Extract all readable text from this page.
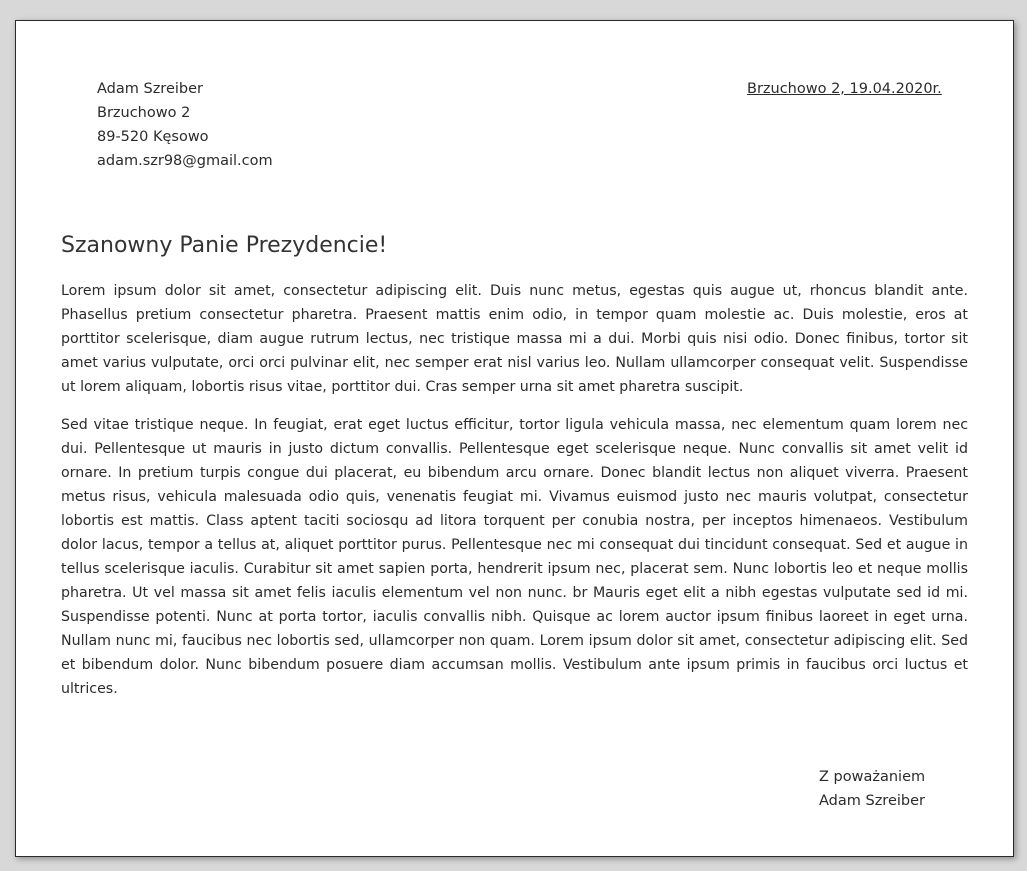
Adam Szreiber
Brzuchowo 2
89-520 Kęsowo
adam.szr98@gmail.com
Brzuchowo 2, 19.04.2020r.
Szanowny Panie Prezydencie!

Lorem ipsum dolor sit amet, consectetur adipiscing elit. Duis nunc metus, egestas quis augue ut, rhoncus blandit ante. Phasellus pretium consectetur pharetra. Praesent mattis enim odio, in tempor quam molestie ac. Duis molestie, eros at porttitor scelerisque, diam augue rutrum lectus, nec tristique massa mi a dui. Morbi quis nisi odio. Donec finibus, tortor sit amet varius vulputate, orci orci pulvinar elit, nec semper erat nisl varius leo. Nullam ullamcorper consequat velit. Suspendisse ut lorem aliquam, lobortis risus vitae, porttitor dui. Cras semper urna sit amet pharetra suscipit.

Sed vitae tristique neque. In feugiat, erat eget luctus efficitur, tortor ligula vehicula massa, nec elementum quam lorem nec dui. Pellentesque ut mauris in justo dictum convallis. Pellentesque eget scelerisque neque. Nunc convallis sit amet velit id ornare. In pretium turpis congue dui placerat, eu bibendum arcu ornare. Donec blandit lectus non aliquet viverra. Praesent metus risus, vehicula malesuada odio quis, venenatis feugiat mi. Vivamus euismod justo nec mauris volutpat, consectetur lobortis est mattis. Class aptent taciti sociosqu ad litora torquent per conubia nostra, per inceptos himenaeos. Vestibulum dolor lacus, tempor a tellus at, aliquet porttitor purus. Pellentesque nec mi consequat dui tincidunt consequat. Sed et augue in tellus scelerisque iaculis. Curabitur sit amet sapien porta, hendrerit ipsum nec, placerat sem. Nunc lobortis leo et neque mollis pharetra. Ut vel massa sit amet felis iaculis elementum vel non nunc. br Mauris eget elit a nibh egestas vulputate sed id mi. Suspendisse potenti. Nunc at porta tortor, iaculis convallis nibh. Quisque ac lorem auctor ipsum finibus laoreet in eget urna. Nullam nunc mi, faucibus nec lobortis sed, ullamcorper non quam. Lorem ipsum dolor sit amet, consectetur adipiscing elit. Sed et bibendum dolor. Nunc bibendum posuere diam accumsan mollis. Vestibulum ante ipsum primis in faucibus orci luctus et ultrices.

Z poważaniem
Adam Szreiber
